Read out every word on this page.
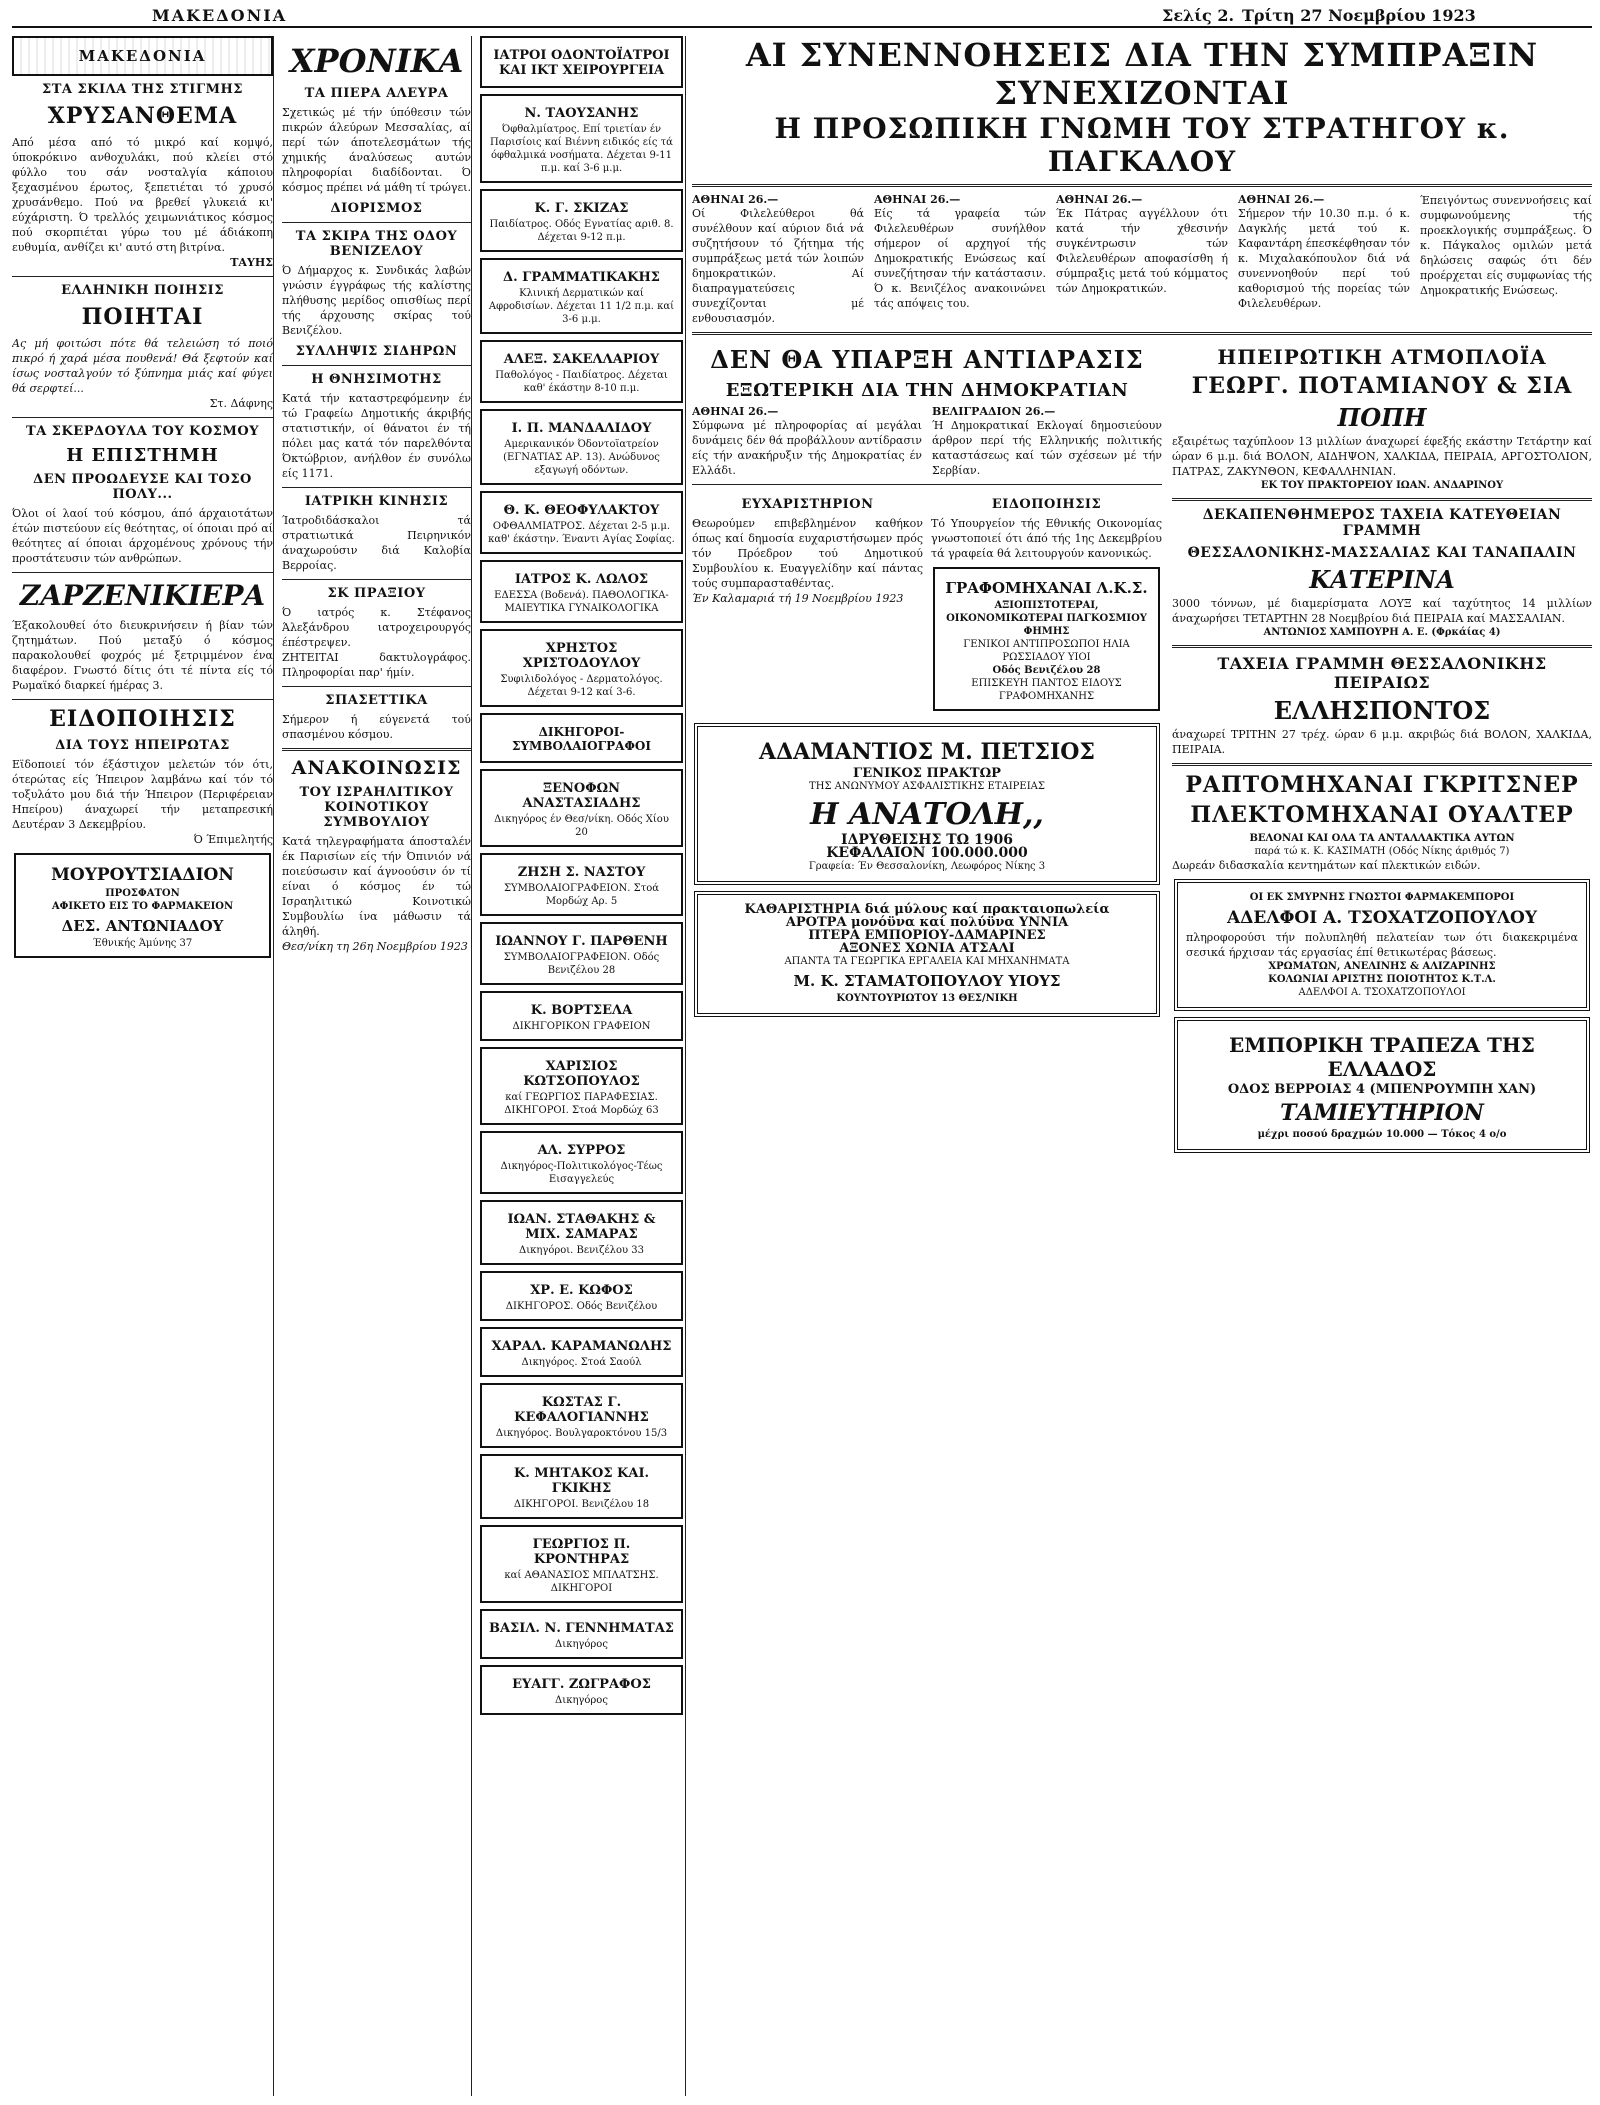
ΜΑΚΕΔΟΝΙΑ	Σελίς 2. Τρίτη 27 Νοεμβρίου 1923
ΜΑΚΕΔΟΝΙΑ
ΣΤΑ ΣΚΙΛΑ ΤΗΣ ΣΤΙΓΜΗΣ
ΧΡΥΣΑΝΘΕΜΑ
Από μέσα από τό μικρό καί κομψό, ύποκρόκινο ανθοχυλάκι, πού κλείει στό φύλλο του σάν νοσταλγία κάποιου ξεχασμένου έρωτος, ξεπετιέται τό χρυσό χρυσάνθεμο. Πού να βρεθεί γλυκειά κι' εύχάριστη. Ό τρελλός χειμωνιάτικος κόσμος πού σκορπιέται γύρω του μέ άδιάκοπη ευθυμία, ανθίζει κι' αυτό στη βιτρίνα.
ΤΑΥΗΣ
ΕΛΛΗΝΙΚΗ ΠΟΙΗΣΙΣ
ΠΟΙΗΤΑΙ
Ας μή φοιτώσι πότε θά τελειώση τό ποιό πικρό ή χαρά μέσα πουθενά! Θά ξεφτούν καί ίσως νοσταλγούν τό ξύπνημα μιάς καί φύγει θά σερφτεί...
Στ. Δάφνης
ΤΑ ΣΚΕΡΔΟΥΛΑ ΤΟΥ ΚΟΣΜΟΥ
Η ΕΠΙΣΤΗΜΗ
ΔΕΝ ΠΡΟΩΔΕΥΣΕ ΚΑΙ ΤΟΣΟ ΠΟΛΥ...
Όλοι οί λαοί τού κόσμου, άπό άρχαιοτάτων έτών πιστεύουν είς θεότητας, οί όποιαι πρό αί θεότητες αί όποιαι άρχομένους χρόνους τήν προστάτευσιν τών ανθρώπων.
ΖΑΡΖΕΝΙΚΙΕΡΑ
Έξακολουθεί ότο διευκρινήσειν ή βίαν τών ζητημάτων. Πού μεταξύ ό κόσμος παρακολουθεί φοχρός μέ ξετριμμένον ένα διαφέρον. Γνωστό δίτις ότι τέ πίντα είς τό Ρωμαϊκό διαρκεί ήμέρας 3.
ΕΙΔΟΠΟΙΗΣΙΣ
ΔΙΑ ΤΟΥΣ ΗΠΕΙΡΩΤΑΣ
Εϊδοποιεί τόν έξάστιχον μελετών τόν ότι, ότερώτας είς Ήπειρον λαμβάνω καί τόν τό τοξυλάτο μου διά τήν Ήπειρον (Περιφέρειαν Ηπείρου) άναχωρεί τήν μεταπρεσική Δευτέραν 3 Δεκεμβρίου.
Ό Έπιμελητής
ΜΟΥΡΟΥΤΣΙΑΔΙΟΝ
ΠΡΟΣΦΑΤΟΝ
ΑΦΙΚΕΤΟ ΕΙΣ ΤΟ ΦΑΡΜΑΚΕΙΟΝ
ΔΕΣ. ΑΝΤΩΝΙΑΔΟΥ
Έθνικής Άμύνης 37
ΧΡΟΝΙΚΑ
ΤΑ ΠΙΕΡΑ ΑΛΕΥΡΑ
Σχετικώς μέ τήν ύπόθεσιν τών πικρών άλεύρων Μεσσαλίας, αί περί τών άποτελεσμάτων τής χημικής άναλύσεως αυτών πληροφορίαι διαδίδονται. Ό κόσμος πρέπει νά μάθη τί τρώγει.
ΔΙΟΡΙΣΜΟΣ
ΤΑ ΣΚΙΡΑ ΤΗΣ ΟΔΟΥ ΒΕΝΙΖΕΛΟΥ
Ό Δήμαρχος κ. Συνδικάς λαβών γνώσιν έγγράφως τής καλίστης πλήθυσης μερίδος οπισθίως περί τής άρχουσης σκίρας τού Βενιζέλου.
ΣΥΛΛΗΨΙΣ ΣΙΔΗΡΩΝ
Η ΘΝΗΣΙΜΟΤΗΣ
Κατά τήν καταστρεφόμενην έν τώ Γραφείω Δημοτικής άκριβής στατιστικήν, οί θάνατοι έν τή πόλει μας κατά τόν παρελθόντα Όκτώβριον, ανήλθον έν συνόλω είς 1171.
ΙΑΤΡΙΚΗ ΚΙΝΗΣΙΣ
Ίατροδιδάσκαλοι τά στρατιωτικά Πειρηνικόν άναχωρούσιν διά Καλοβία Βερροίας.
ΣΚ ΠΡΑΞΙΟΥ
Ό ιατρός κ. Στέφανος Άλεξάνδρου ιατροχειρουργός έπέστρεψεν.
ΖΗΤΕΙΤΑΙ δακτυλογράφος. Πληροφορίαι παρ' ήμίν.
ΣΠΑΣΕΤΤΙΚΑ
Σήμερον ή εύγενετά τού σπασμένου κόσμου.
ΑΝΑΚΟΙΝΩΣΙΣ
ΤΟΥ ΙΣΡΑΗΛΙΤΙΚΟΥ ΚΟΙΝΟΤΙΚΟΥ ΣΥΜΒΟΥΛΙΟΥ
Κατά τηλεγραφήματα άποσταλέν έκ Παρισίων είς τήν Όπινιόν νά ποιεύσωσιν καί άγνοούσιν όν τί είναι ό κόσμος έν τώ Ισραηλιτικώ Κοινοτικώ Συμβουλίω ίνα μάθωσιν τά άληθή.
Θεσ/νίκη τη 26η Νοεμβρίου 1923
ΙΑΤΡΟΙ ΟΔΟΝΤΟΪΑΤΡΟΙ ΚΑΙ ΙΚΤ ΧΕΙΡΟΥΡΓΕΙΑ
Ν. ΤΑΟΥΣΑΝΗΣ
Όφθαλμίατρος. Επί τριετίαν έν Παρισίοις καί Βιέννη ειδικός είς τά όφθαλμικά νοσήματα. Δέχεται 9-11 π.μ. καί 3-6 μ.μ.
Κ. Γ. ΣΚΙΖΑΣ
Παιδίατρος. Οδός Εγνατίας αριθ. 8. Δέχεται 9-12 π.μ.
Δ. ΓΡΑΜΜΑΤΙΚΑΚΗΣ
Κλινική Δερματικών καί Αφροδισίων. Δέχεται 11 1/2 π.μ. καί 3-6 μ.μ.
ΑΛΕΞ. ΣΑΚΕΛΛΑΡΙΟΥ
Παθολόγος - Παιδίατρος. Δέχεται καθ' έκάστην 8-10 π.μ.
Ι. Π. ΜΑΝΔΑΛΙΔΟΥ
Αμερικανικόν Όδοντοϊατρείον (ΕΓΝΑΤΙΑΣ ΑΡ. 13). Ανώδυνος εξαγωγή οδόντων.
Θ. Κ. ΘΕΟΦΥΛΑΚΤΟΥ
ΟΦΘΑΛΜΙΑΤΡΟΣ. Δέχεται 2-5 μ.μ. καθ' έκάστην. Έναντι Αγίας Σοφίας.
ΙΑΤΡΟΣ Κ. ΛΩΛΟΣ
ΕΔΕΣΣΑ (Βοδενά). ΠΑΘΟΛΟΓΙΚΑ-ΜΑΙΕΥΤΙΚΑ ΓΥΝΑΙΚΟΛΟΓΙΚΑ
ΧΡΗΣΤΟΣ ΧΡΙΣΤΟΔΟΥΛΟΥ
Συφιλιδολόγος - Δερματολόγος. Δέχεται 9-12 καί 3-6.
ΔΙΚΗΓΟΡΟΙ-ΣΥΜΒΟΛΑΙΟΓΡΑΦΟΙ
ΞΕΝΟΦΩΝ ΑΝΑΣΤΑΣΙΑΔΗΣ
Δικηγόρος έν Θεσ/νίκη. Οδός Χίου 20
ΖΗΣΗ Σ. ΝΑΣΤΟΥ
ΣΥΜΒΟΛΑΙΟΓΡΑΦΕΙΟΝ. Στοά Μορδώχ Αρ. 5
ΙΩΑΝΝΟΥ Γ. ΠΑΡΘΕΝΗ
ΣΥΜΒΟΛΑΙΟΓΡΑΦΕΙΟΝ. Οδός Βενιζέλου 28
Κ. ΒΟΡΤΣΕΛΑ
ΔΙΚΗΓΟΡΙΚΟΝ ΓΡΑΦΕΙΟΝ
ΧΑΡΙΣΙΟΣ ΚΩΤΣΟΠΟΥΛΟΣ
καί ΓΕΩΡΓΙΟΣ ΠΑΡΑΦΕΣΙΑΣ. ΔΙΚΗΓΟΡΟΙ. Στοά Μορδώχ 63
ΑΛ. ΣΥΡΡΟΣ
Δικηγόρος-Πολιτικολόγος-Τέως Εισαγγελεύς
ΙΩΑΝ. ΣΤΑΘΑΚΗΣ & ΜΙΧ. ΣΑΜΑΡΑΣ
Δικηγόροι. Βενιζέλου 33
ΧΡ. Ε. ΚΩΦΟΣ
ΔΙΚΗΓΟΡΟΣ. Οδός Βενιζέλου
ΧΑΡΑΛ. ΚΑΡΑΜΑΝΩΛΗΣ
Δικηγόρος. Στοά Σαούλ
ΚΩΣΤΑΣ Γ. ΚΕΦΑΛΟΓΙΑΝΝΗΣ
Δικηγόρος. Βουλγαροκτόνου 15/3
Κ. ΜΗΤΑΚΟΣ ΚΑΙ. ΓΚΙΚΗΣ
ΔΙΚΗΓΟΡΟΙ. Βενιζέλου 18
ΓΕΩΡΓΙΟΣ Π. ΚΡΟΝΤΗΡΑΣ
καί ΑΘΑΝΑΣΙΟΣ ΜΠΛΑΤΣΗΣ. ΔΙΚΗΓΟΡΟΙ
ΒΑΣΙΛ. Ν. ΓΕΝΝΗΜΑΤΑΣ
Δικηγόρος
ΕΥΑΓΓ. ΖΩΓΡΑΦΟΣ
Δικηγόρος
ΑΙ ΣΥΝΕΝΝΟΗΣΕΙΣ ΔΙΑ ΤΗΝ ΣΥΜΠΡΑΞΙΝ ΣΥΝΕΧΙΖΟΝΤΑΙ
Η ΠΡΟΣΩΠΙΚΗ ΓΝΩΜΗ ΤΟΥ ΣΤΡΑΤΗΓΟΥ κ. ΠΑΓΚΑΛΟΥ
ΑΘΗΝΑΙ 26.—
Οί Φιλελεύθεροι θά συνέλθουν καί αύριον διά νά συζητήσουν τό ζήτημα τής συμπράξεως μετά τών λοιπών δημοκρατικών. Αί διαπραγματεύσεις συνεχίζονται μέ ενθουσιασμόν.
ΑΘΗΝΑΙ 26.—
Είς τά γραφεία τών Φιλελευθέρων συνήλθον σήμερον οί αρχηγοί τής Δημοκρατικής Ενώσεως καί συνεζήτησαν τήν κατάστασιν. Ό κ. Βενιζέλος ανακοινώνει τάς απόψεις του.
ΑΘΗΝΑΙ 26.—
Έκ Πάτρας αγγέλλουν ότι κατά τήν χθεσινήν συγκέντρωσιν τών Φιλελευθέρων αποφασίσθη ή σύμπραξις μετά τού κόμματος τών Δημοκρατικών.
ΑΘΗΝΑΙ 26.—
Σήμερον τήν 10.30 π.μ. ό κ. Δαγκλής μετά τού κ. Καφαντάρη έπεσκέφθησαν τόν κ. Μιχαλακόπουλον διά νά συνεννοηθούν περί τού καθορισμού τής πορείας τών Φιλελευθέρων.
Έπειγόντως συνεννοήσεις καί συμφωνούμενης τής προεκλογικής συμπράξεως. Ό κ. Πάγκαλος ομιλών μετά δηλώσεις σαφώς ότι δέν προέρχεται είς συμφωνίας τής Δημοκρατικής Ενώσεως.
ΔΕΝ ΘΑ ΥΠΑΡΞΗ ΑΝΤΙΔΡΑΣΙΣ
ΕΞΩΤΕΡΙΚΗ ΔΙΑ ΤΗΝ ΔΗΜΟΚΡΑΤΙΑΝ
ΑΘΗΝΑΙ 26.—
Σύμφωνα μέ πληροφορίας αί μεγάλαι δυνάμεις δέν θά προβάλλουν αντίδρασιν είς τήν ανακήρυξιν τής Δημοκρατίας έν Ελλάδι.
ΒΕΛΙΓΡΑΔΙΟΝ 26.—
Ή Δημοκρατικαί Εκλογαί δημοσιεύουν άρθρον περί τής Ελληνικής πολιτικής καταστάσεως καί τών σχέσεων μέ τήν Σερβίαν.
ΕΥΧΑΡΙΣΤΗΡΙΟΝ
Θεωρούμεν επιβεβλημένον καθήκον όπως καί δημοσία ευχαριστήσωμεν πρός τόν Πρόεδρον τού Δημοτικού Συμβουλίου κ. Ευαγγελίδην καί πάντας τούς συμπαρασταθέντας.
Έν Καλαμαριά τή 19 Νοεμβρίου 1923
ΕΙΔΟΠΟΙΗΣΙΣ
Τό Υπουργείον τής Εθνικής Οικονομίας γνωστοποιεί ότι άπό τής 1ης Δεκεμβρίου τά γραφεία θά λειτουργούν κανονικώς.
ΓΡΑΦΟΜΗΧΑΝΑΙ Λ.Κ.Σ.
ΑΞΙΟΠΙΣΤΟΤΕΡΑΙ, ΟΙΚΟΝΟΜΙΚΩΤΕΡΑΙ ΠΑΓΚΟΣΜΙΟΥ ΦΗΜΗΣ
ΓΕΝΙΚΟΙ ΑΝΤΙΠΡΟΣΩΠΟΙ ΗΛΙΑ ΡΩΣΣΙΑΔΟΥ ΥΙΟΙ
Οδός Βενιζέλου 28
ΕΠΙΣΚΕΥΗ ΠΑΝΤΟΣ ΕΙΔΟΥΣ ΓΡΑΦΟΜΗΧΑΝΗΣ
ΑΔΑΜΑΝΤΙΟΣ Μ. ΠΕΤΣΙΟΣ
ΓΕΝΙΚΟΣ ΠΡΑΚΤΩΡ
ΤΗΣ ΑΝΩΝΥΜΟΥ ΑΣΦΑΛΙΣΤΙΚΗΣ ΕΤΑΙΡΕΙΑΣ
Η ΑΝΑΤΟΛΗ,,
ΙΔΡΥΘΕΙΣΗΣ ΤΩ 1906
ΚΕΦΑΛΑΙΟΝ 100.000.000
Γραφεία: Έν Θεσσαλονίκη, Λεωφόρος Νίκης 3
ΚΑΘΑΡΙΣΤΗΡΙΑ διά μύλους καί πρακταιοπωλεία
ΑΡΟΤΡΑ μονόϋνα καί πολύϋνα ΥΝΝΙΑ
ΠΤΕΡΑ ΕΜΠΟΡΙΟΥ-ΔΑΜΑΡΙΝΕΣ
ΑΞΟΝΕΣ ΧΩΝΙΑ ΑΤΣΑΛΙ
ΑΠΑΝΤΑ ΤΑ ΓΕΩΡΓΙΚΑ ΕΡΓΑΛΕΙΑ ΚΑΙ ΜΗΧΑΝΗΜΑΤΑ
Μ. Κ. ΣΤΑΜΑΤΟΠΟΥΛΟΥ ΥΙΟΥΣ
ΚΟΥΝΤΟΥΡΙΩΤΟΥ 13 ΘΕΣ/ΝΙΚΗ
ΗΠΕΙΡΩΤΙΚΗ ΑΤΜΟΠΛΟΪΑ
ΓΕΩΡΓ. ΠΟΤΑΜΙΑΝΟΥ & ΣΙΑ
ΠΟΠΗ
εξαιρέτως ταχύπλοον 13 μιλλίων άναχωρεί έφεξής εκάστην Τετάρτην καί ώραν 6 μ.μ. διά ΒΟΛΟΝ, ΑΙΔΗΨΟΝ, ΧΑΛΚΙΔΑ, ΠΕΙΡΑΙΑ, ΑΡΓΟΣΤΟΛΙΟΝ, ΠΑΤΡΑΣ, ΖΑΚΥΝΘΟΝ, ΚΕΦΑΛΛΗΝΙΑΝ.
ΕΚ ΤΟΥ ΠΡΑΚΤΟΡΕΙΟΥ ΙΩΑΝ. ΑΝΔΑΡΙΝΟΥ
ΔΕΚΑΠΕΝΘΗΜΕΡΟΣ ΤΑΧΕΙΑ ΚΑΤΕΥΘΕΙΑΝ ΓΡΑΜΜΗ
ΘΕΣΣΑΛΟΝΙΚΗΣ-ΜΑΣΣΑΛΙΑΣ ΚΑΙ ΤΑΝΑΠΑΛΙΝ
ΚΑΤΕΡΙΝΑ
3000 τόννων, μέ διαμερίσματα ΛΟΥΞ καί ταχύτητος 14 μιλλίων άναχωρήσει ΤΕΤΑΡΤΗΝ 28 Νοεμβρίου διά ΠΕΙΡΑΙΑ καί ΜΑΣΣΑΛΙΑΝ.
ΑΝΤΩΝΙΟΣ ΧΑΜΠΟΥΡΗ Α. Ε. (Φρκάίας 4)
ΤΑΧΕΙΑ ΓΡΑΜΜΗ ΘΕΣΣΑΛΟΝΙΚΗΣ ΠΕΙΡΑΙΩΣ
ΕΛΛΗΣΠΟΝΤΟΣ
άναχωρεί ΤΡΙΤΗΝ 27 τρέχ. ώραν 6 μ.μ. ακριβώς διά ΒΟΛΟΝ, ΧΑΛΚΙΔΑ, ΠΕΙΡΑΙΑ.
ΡΑΠΤΟΜΗΧΑΝΑΙ ΓΚΡΙΤΣΝΕΡ
ΠΛΕΚΤΟΜΗΧΑΝΑΙ ΟΥΑΛΤΕΡ
ΒΕΛΟΝΑΙ ΚΑΙ ΟΛΑ ΤΑ ΑΝΤΑΛΛΑΚΤΙΚΑ ΑΥΤΩΝ
παρά τώ κ. Κ. ΚΑΣΙΜΑΤΗ (Οδός Νίκης άριθμός 7)
Δωρεάν διδασκαλία κεντημάτων καί πλεκτικών ειδών.
ΟΙ ΕΚ ΣΜΥΡΝΗΣ ΓΝΩΣΤΟΙ ΦΑΡΜΑΚΕΜΠΟΡΟΙ
ΑΔΕΛΦΟΙ Α. ΤΣΟΧΑΤΖΟΠΟΥΛΟΥ
πληροφορούσι τήν πολυπληθή πελατείαν των ότι διακεκριμένα σεσικά ήρχισαν τάς εργασίας έπί θετικωτέρας βάσεως.
ΧΡΩΜΑΤΩΝ, ΑΝΕΛΙΝΗΣ & ΑΛΙΖΑΡΙΝΗΣ
ΚΟΛΩΝΙΑΙ ΑΡΙΣΤΗΣ ΠΟΙΟΤΗΤΟΣ Κ.Τ.Λ.
ΑΔΕΛΦΟΙ Α. ΤΣΟΧΑΤΖΟΠΟΥΛΟΙ
ΕΜΠΟΡΙΚΗ ΤΡΑΠΕΖΑ ΤΗΣ ΕΛΛΑΔΟΣ
ΟΔΟΣ ΒΕΡΡΟΙΑΣ 4 (ΜΠΕΝΡΟΥΜΠΗ ΧΑΝ)
ΤΑΜΙΕΥΤΗΡΙΟΝ
μέχρι ποσού δραχμών 10.000 — Τόκος 4 ο/ο
